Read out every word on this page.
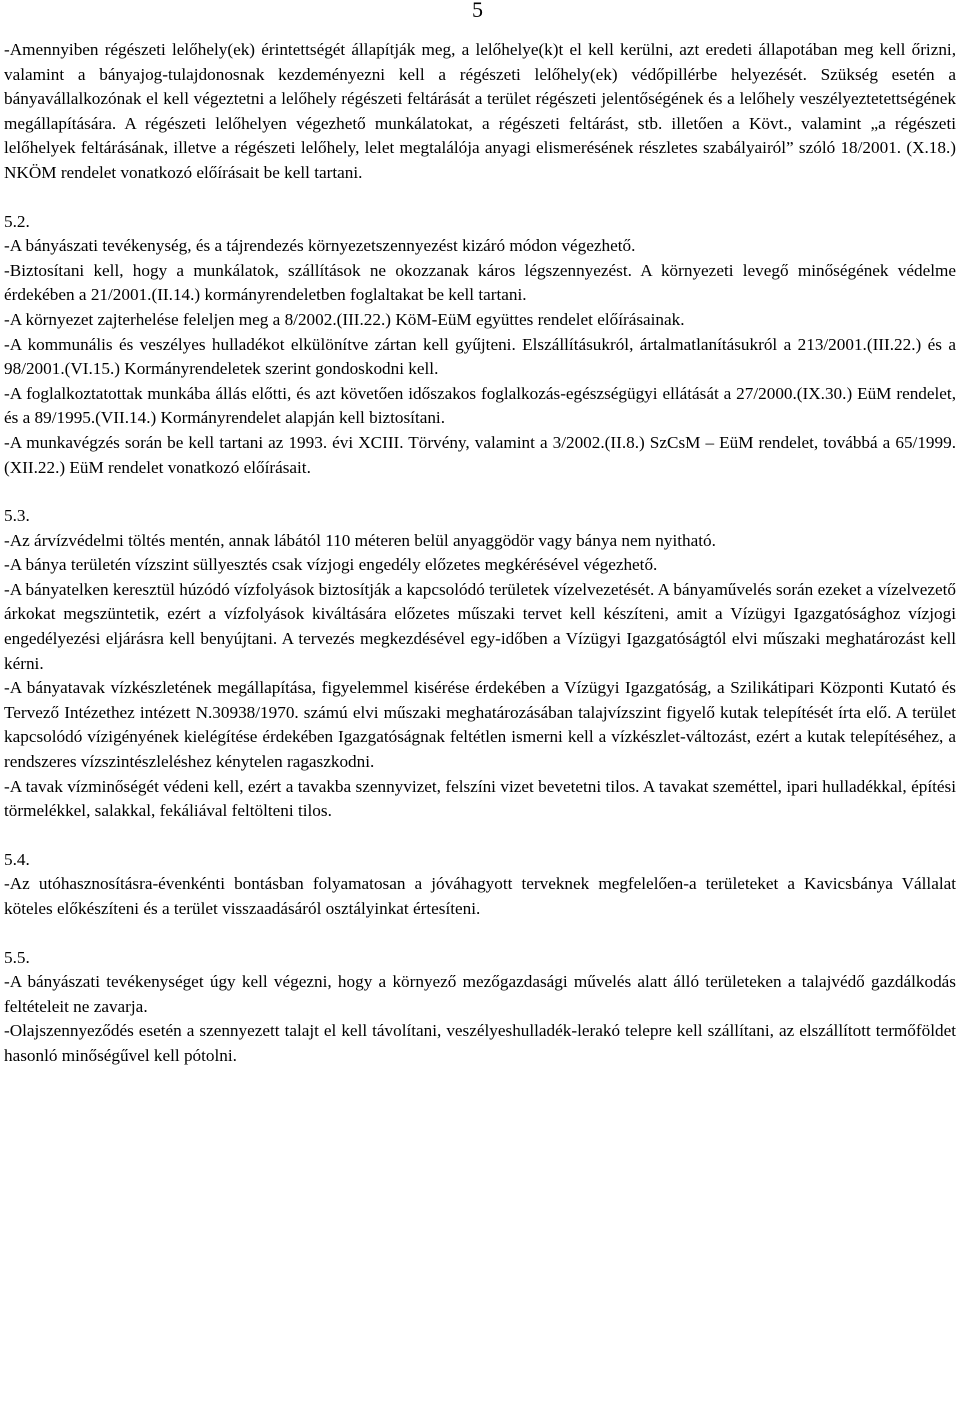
5

-Amennyiben régészeti lelőhely(ek) érintettségét állapítják meg, a lelőhelye(k)t el kell kerülni, azt eredeti állapotában meg kell őrizni, valamint a bányajog-tulajdonosnak kezdeményezni kell a régészeti lelőhely(ek) védőpillérbe helyezését. Szükség esetén a bányavállalkozónak el kell végeztetni a lelőhely régészeti feltárását a terület régészeti jelentőségének és a lelőhely veszélyeztetettségének megállapítására. A régészeti lelőhelyen végezhető munkálatokat, a régészeti feltárást, stb. illetően a Kövt., valamint „a régészeti lelőhelyek feltárásának, illetve a régészeti lelőhely, lelet megtalálója anyagi elismerésének részletes szabályairól” szóló 18/2001. (X.18.) NKÖM rendelet vonatkozó előírásait be kell tartani.

5.2.

-A bányászati tevékenység, és a tájrendezés környezetszennyezést kizáró módon végezhető.

-Biztosítani kell, hogy a munkálatok, szállítások ne okozzanak káros légszennyezést. A környezeti levegő minőségének védelme érdekében a 21/2001.(II.14.) kormányrendeletben foglaltakat be kell tartani.

-A környezet zajterhelése feleljen meg a 8/2002.(III.22.) KöM-EüM együttes rendelet előírásainak.

-A kommunális és veszélyes hulladékot elkülönítve zártan kell gyűjteni. Elszállításukról, ártalmatlanításukról a 213/2001.(III.22.) és a 98/2001.(VI.15.) Kormányrendeletek szerint gondoskodni kell.

-A foglalkoztatottak munkába állás előtti, és azt követően időszakos foglalkozás-egészségügyi ellátását a 27/2000.(IX.30.) EüM rendelet, és a 89/1995.(VII.14.) Kormányrendelet alapján kell biztosítani.

-A munkavégzés során be kell tartani az 1993. évi XCIII. Törvény, valamint a 3/2002.(II.8.) SzCsM – EüM rendelet, továbbá a 65/1999.(XII.22.) EüM rendelet vonatkozó előírásait.

5.3.

-Az árvízvédelmi töltés mentén, annak lábától 110 méteren belül anyaggödör vagy bánya nem nyitható.

-A bánya területén vízszint süllyesztés csak vízjogi engedély előzetes megkérésével végezhető.

-A bányatelken keresztül húzódó vízfolyások biztosítják a kapcsolódó területek vízelvezetését. A bányaművelés során ezeket a vízelvezető árkokat megszüntetik, ezért a vízfolyások kiváltására előzetes műszaki tervet kell készíteni, amit a Vízügyi Igazgatósághoz vízjogi engedélyezési eljárásra kell benyújtani. A tervezés megkezdésével egy-időben a Vízügyi Igazgatóságtól elvi műszaki meghatározást kell kérni.

-A bányatavak vízkészletének megállapítása, figyelemmel kisérése érdekében a Vízügyi Igazgatóság, a Szilikátipari Központi Kutató és Tervező Intézethez intézett N.30938/1970. számú elvi műszaki meghatározásában talajvízszint figyelő kutak telepítését írta elő. A terület kapcsolódó vízigényének kielégítése érdekében Igazgatóságnak feltétlen ismerni kell a vízkészlet-változást, ezért a kutak telepítéséhez, a rendszeres vízszintészleléshez kénytelen ragaszkodni.

-A tavak vízminőségét védeni kell, ezért a tavakba szennyvizet, felszíni vizet bevetetni tilos. A tavakat szeméttel, ipari hulladékkal, építési törmelékkel, salakkal, fekáliával feltölteni tilos.

5.4.

-Az utóhasznosításra-évenkénti bontásban folyamatosan a jóváhagyott terveknek megfelelően-a területeket a Kavicsbánya Vállalat köteles előkészíteni és a terület visszaadásáról osztályinkat értesíteni.

5.5.

-A bányászati tevékenységet úgy kell végezni, hogy a környező mezőgazdasági művelés alatt álló területeken a talajvédő gazdálkodás feltételeit ne zavarja.

-Olajszennyeződés esetén a szennyezett talajt el kell távolítani, veszélyeshulladék-lerakó telepre kell szállítani, az elszállított termőföldet hasonló minőségűvel kell pótolni.
